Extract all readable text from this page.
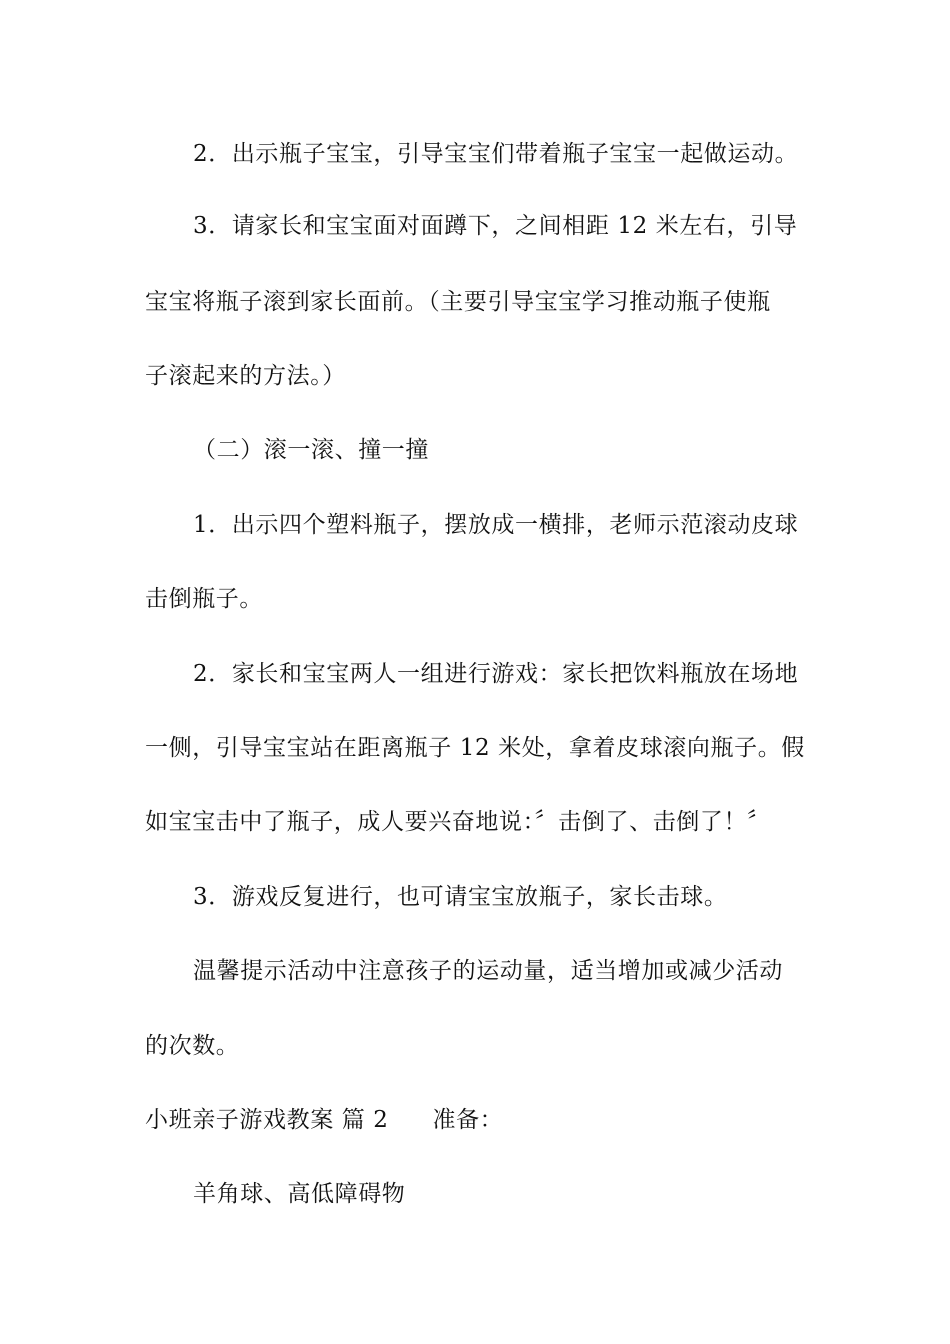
2．出示瓶子宝宝，引导宝宝们带着瓶子宝宝一起做运动。
3．请家长和宝宝面对面蹲下，之间相距 12 米左右，引导
宝宝将瓶子滚到家长面前。（主要引导宝宝学习推动瓶子使瓶
子滚起来的方法。）
（二）滚一滚、撞一撞
1．出示四个塑料瓶子，摆放成一横排，老师示范滚动皮球
击倒瓶子。
2．家长和宝宝两人一组进行游戏：家长把饮料瓶放在场地
一侧，引导宝宝站在距离瓶子 12 米处，拿着皮球滚向瓶子。假
如宝宝击中了瓶子，成人要兴奋地说：〞击倒了、击倒了！〞
3．游戏反复进行，也可请宝宝放瓶子，家长击球。
温馨提示活动中注意孩子的运动量，适当增加或减少活动
的次数。
小班亲子游戏教案 篇 2 准备：
羊角球、高低障碍物
